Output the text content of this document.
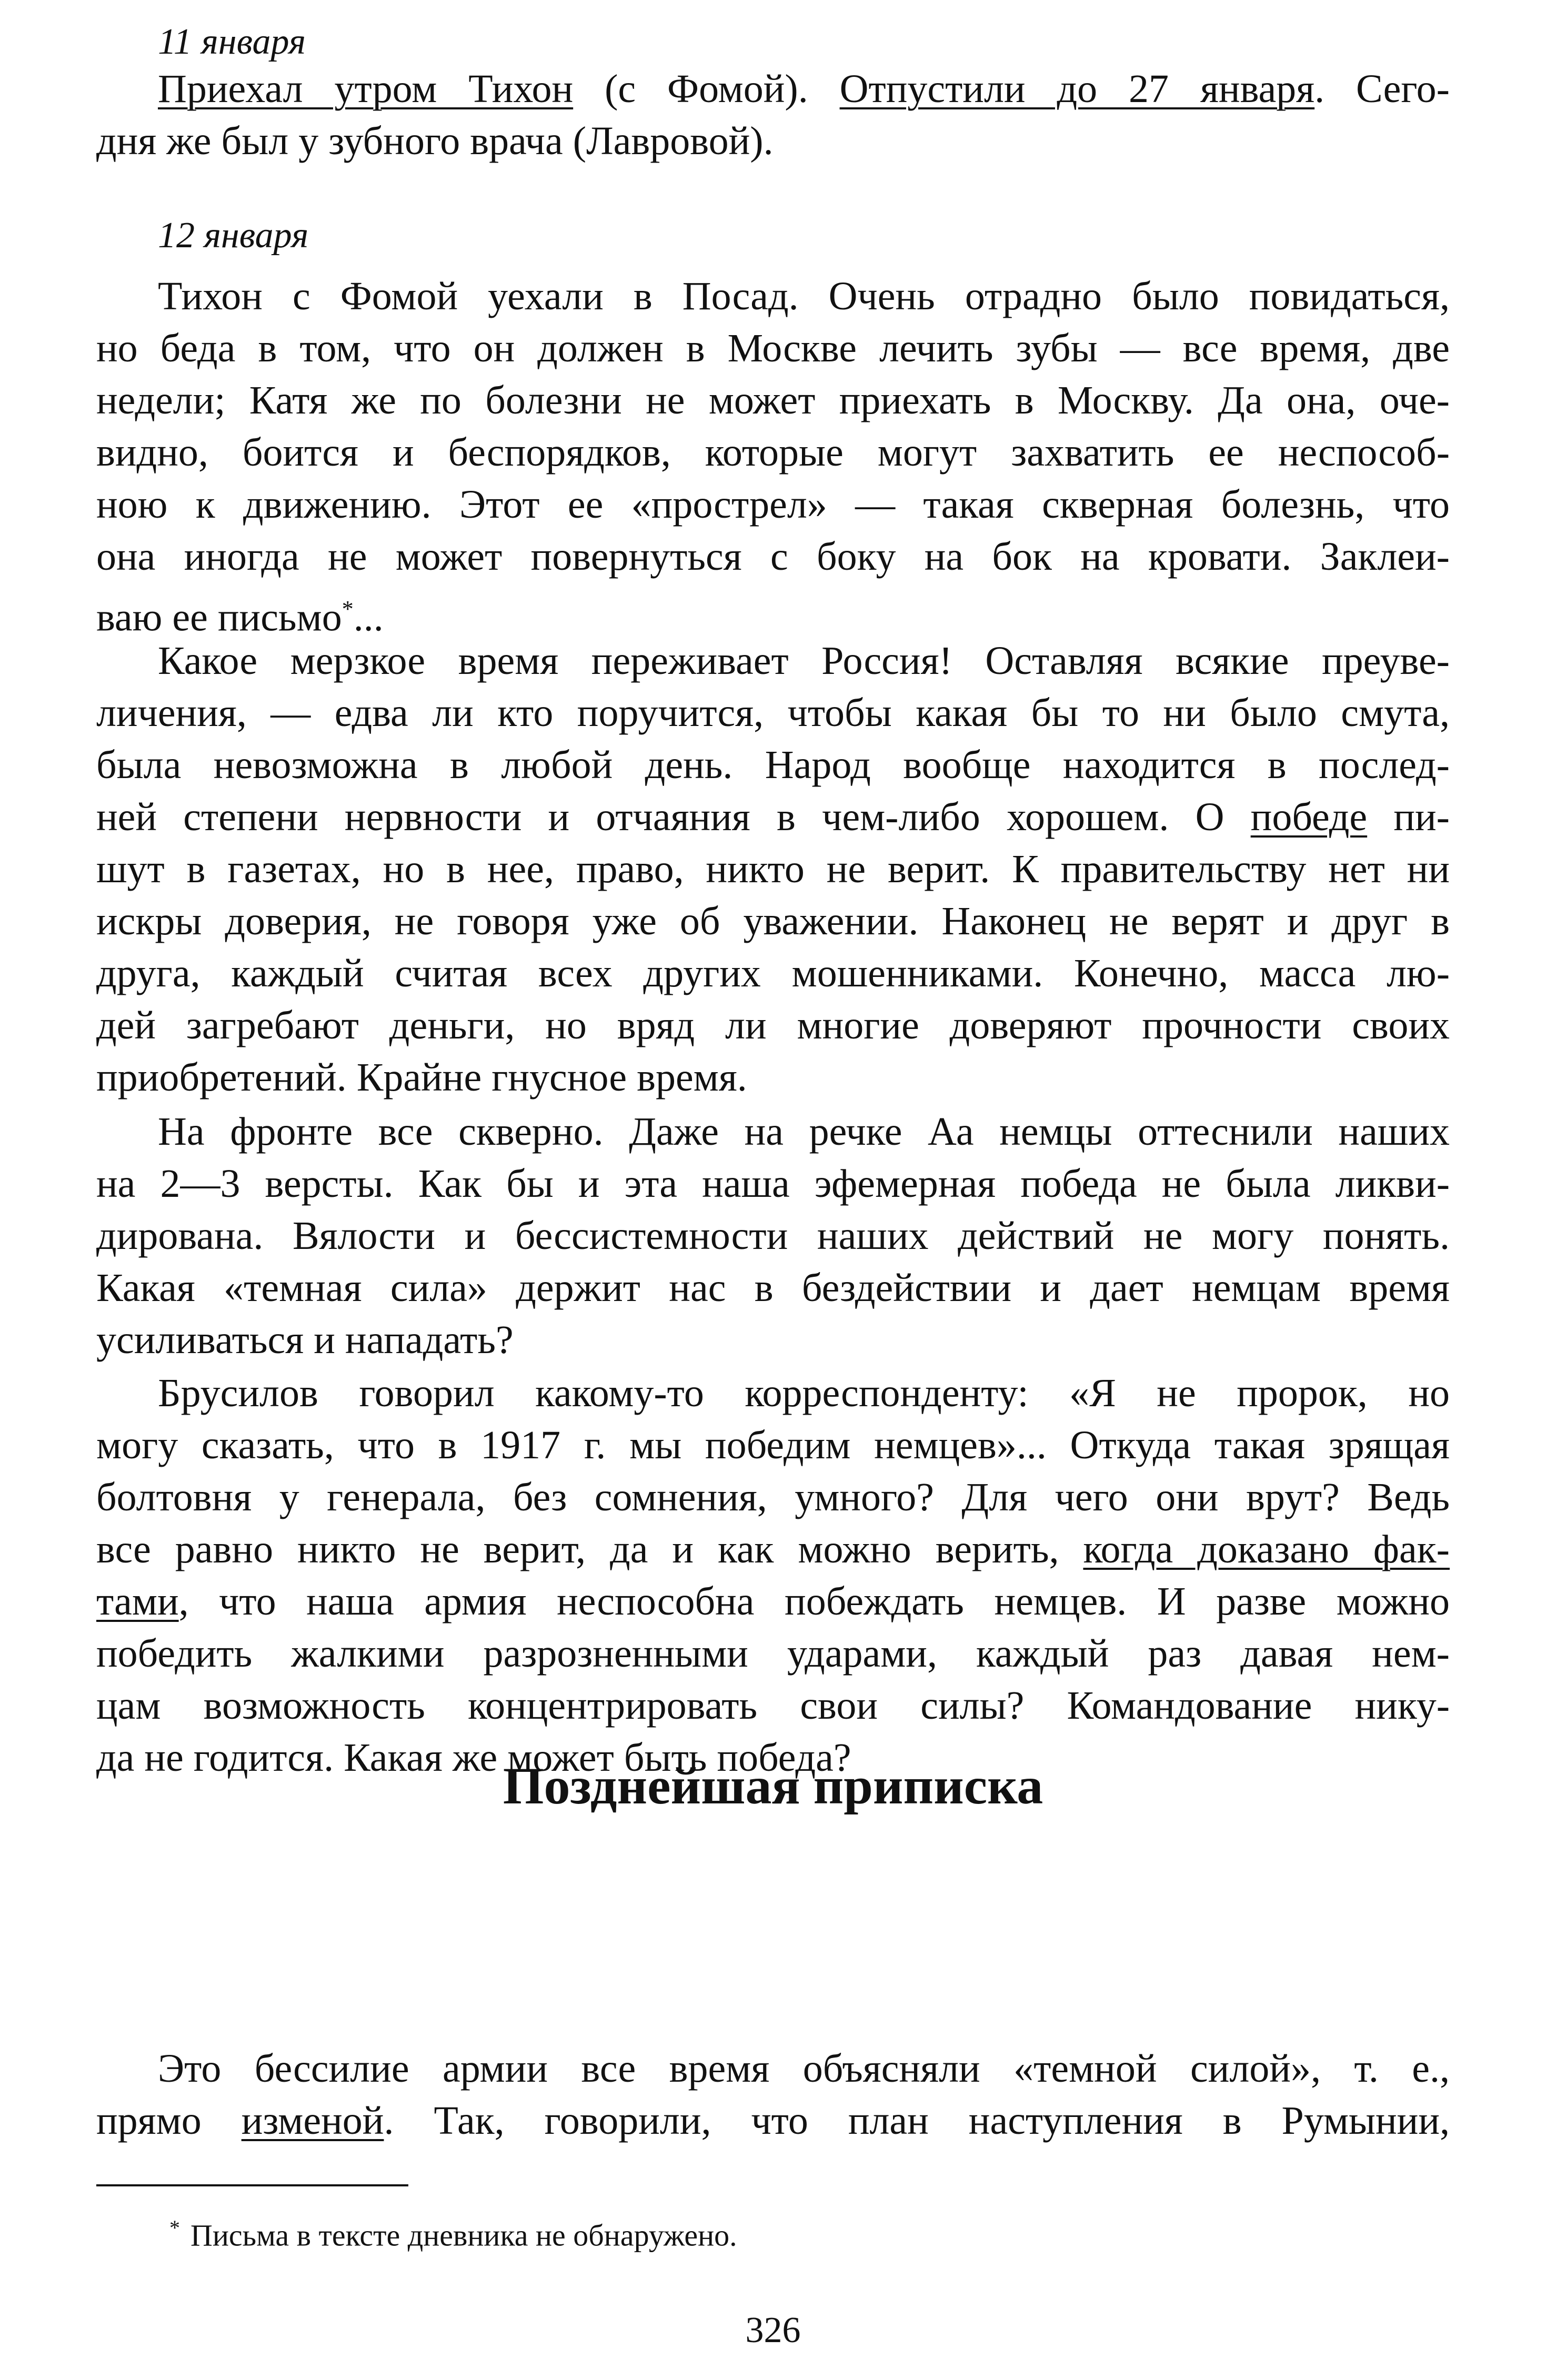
11 января
Приехал утром Тихон (с Фомой). Отпустили до 27 января. Сего-
дня же был у зубного врача (Лавровой).
12 января
Тихон с Фомой уехали в Посад. Очень отрадно было повидаться,
но беда в том, что он должен в Москве лечить зубы — все время, две
недели; Катя же по болезни не может приехать в Москву. Да она, оче-
видно, боится и беспорядков, которые могут захватить ее неспособ-
ною к движению. Этот ее «прострел» — такая скверная болезнь, что
она иногда не может повернуться с боку на бок на кровати. Заклеи-
ваю ее письмо*...
Какое мерзкое время переживает Россия! Оставляя всякие преуве-
личения, — едва ли кто поручится, чтобы какая бы то ни было смута,
была невозможна в любой день. Народ вообще находится в послед-
ней степени нервности и отчаяния в чем-либо хорошем. О победе пи-
шут в газетах, но в нее, право, никто не верит. К правительству нет ни
искры доверия, не говоря уже об уважении. Наконец не верят и друг в
друга, каждый считая всех других мошенниками. Конечно, масса лю-
дей загребают деньги, но вряд ли многие доверяют прочности своих
приобретений. Крайне гнусное время.
На фронте все скверно. Даже на речке Аа немцы оттеснили наших
на 2—3 версты. Как бы и эта наша эфемерная победа не была ликви-
дирована. Вялости и бессистемности наших действий не могу понять.
Какая «темная сила» держит нас в бездействии и дает немцам время
усиливаться и нападать?
Брусилов говорил какому-то корреспонденту: «Я не пророк, но
могу сказать, что в 1917 г. мы победим немцев»... Откуда такая зрящая
болтовня у генерала, без сомнения, умного? Для чего они врут? Ведь
все равно никто не верит, да и как можно верить, когда доказано фак-
тами, что наша армия неспособна побеждать немцев. И разве можно
победить жалкими разрозненными ударами, каждый раз давая нем-
цам возможность концентрировать свои силы? Командование нику-
да не годится. Какая же может быть победа?
Позднейшая приписка
Это бессилие армии все время объясняли «темной силой», т. е.,
прямо изменой. Так, говорили, что план наступления в Румынии,
* Письма в тексте дневника не обнаружено.
326
